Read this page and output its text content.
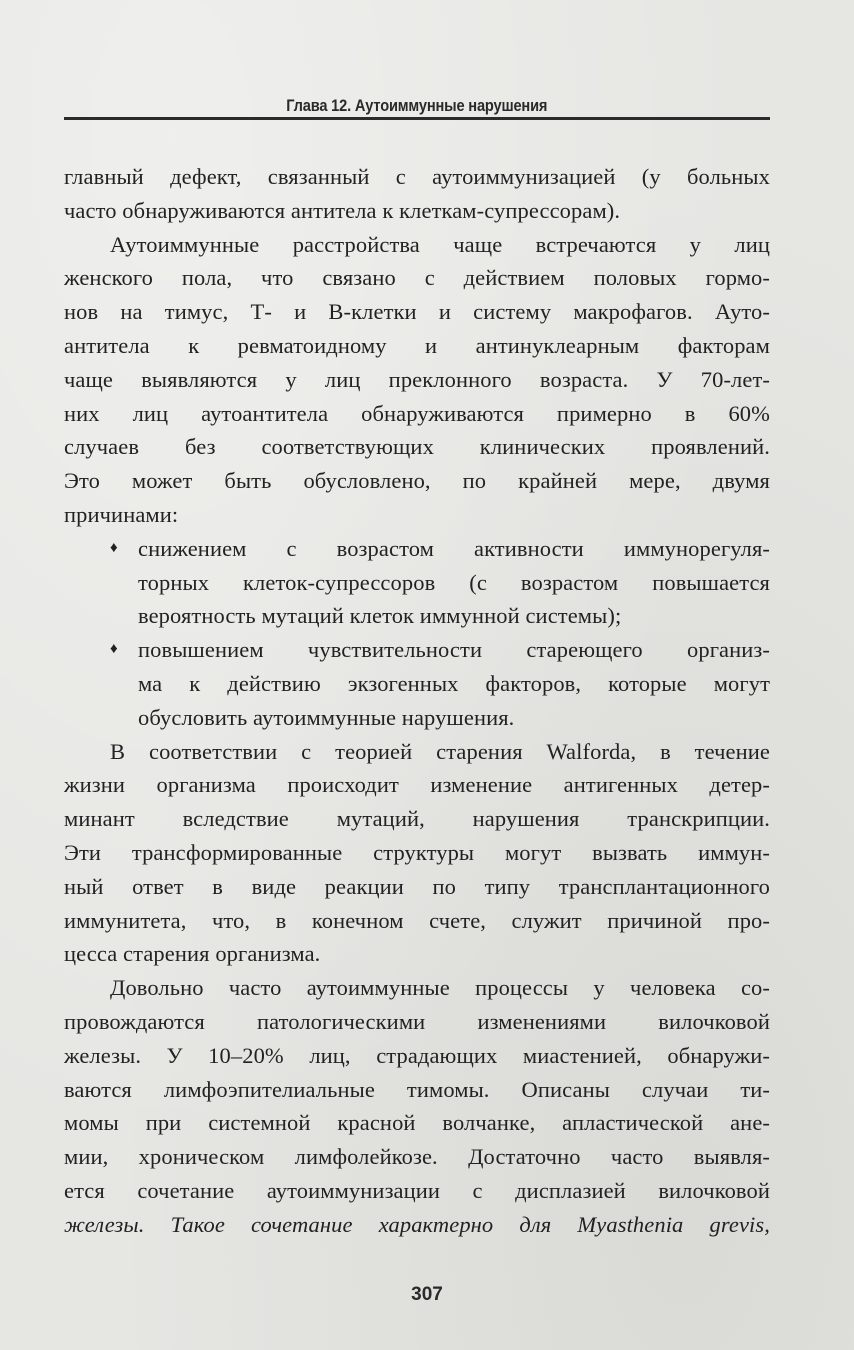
Глава 12. Аутоиммунные нарушения
главный дефект, связанный с аутоиммунизацией (у больных
часто обнаруживаются антитела к клеткам-супрессорам).
Аутоиммунные расстройства чаще встречаются у лиц
женского пола, что связано с действием половых гормо-
нов на тимус, Т- и В-клетки и систему макрофагов. Ауто-
антитела к ревматоидному и антинуклеарным факторам
чаще выявляются у лиц преклонного возраста. У 70-лет-
них лиц аутоантитела обнаруживаются примерно в 60%
случаев без соответствующих клинических проявлений.
Это может быть обусловлено, по крайней мере, двумя
причинами:
♦ снижением с возрастом активности иммунорегуля-
торных клеток-супрессоров (с возрастом повышается
вероятность мутаций клеток иммунной системы);
♦ повышением чувствительности стареющего организ-
ма к действию экзогенных факторов, которые могут
обусловить аутоиммунные нарушения.
В соответствии с теорией старения Walforda, в течение
жизни организма происходит изменение антигенных детер-
минант вследствие мутаций, нарушения транскрипции.
Эти трансформированные структуры могут вызвать иммун-
ный ответ в виде реакции по типу трансплантационного
иммунитета, что, в конечном счете, служит причиной про-
цесса старения организма.
Довольно часто аутоиммунные процессы у человека со-
провождаются патологическими изменениями вилочковой
железы. У 10–20% лиц, страдающих миастенией, обнаружи-
ваются лимфоэпителиальные тимомы. Описаны случаи ти-
момы при системной красной волчанке, апластической ане-
мии, хроническом лимфолейкозе. Достаточно часто выявля-
ется сочетание аутоиммунизации с дисплазией вилочковой
железы. Такое сочетание характерно для Myasthenia grevis,
307
